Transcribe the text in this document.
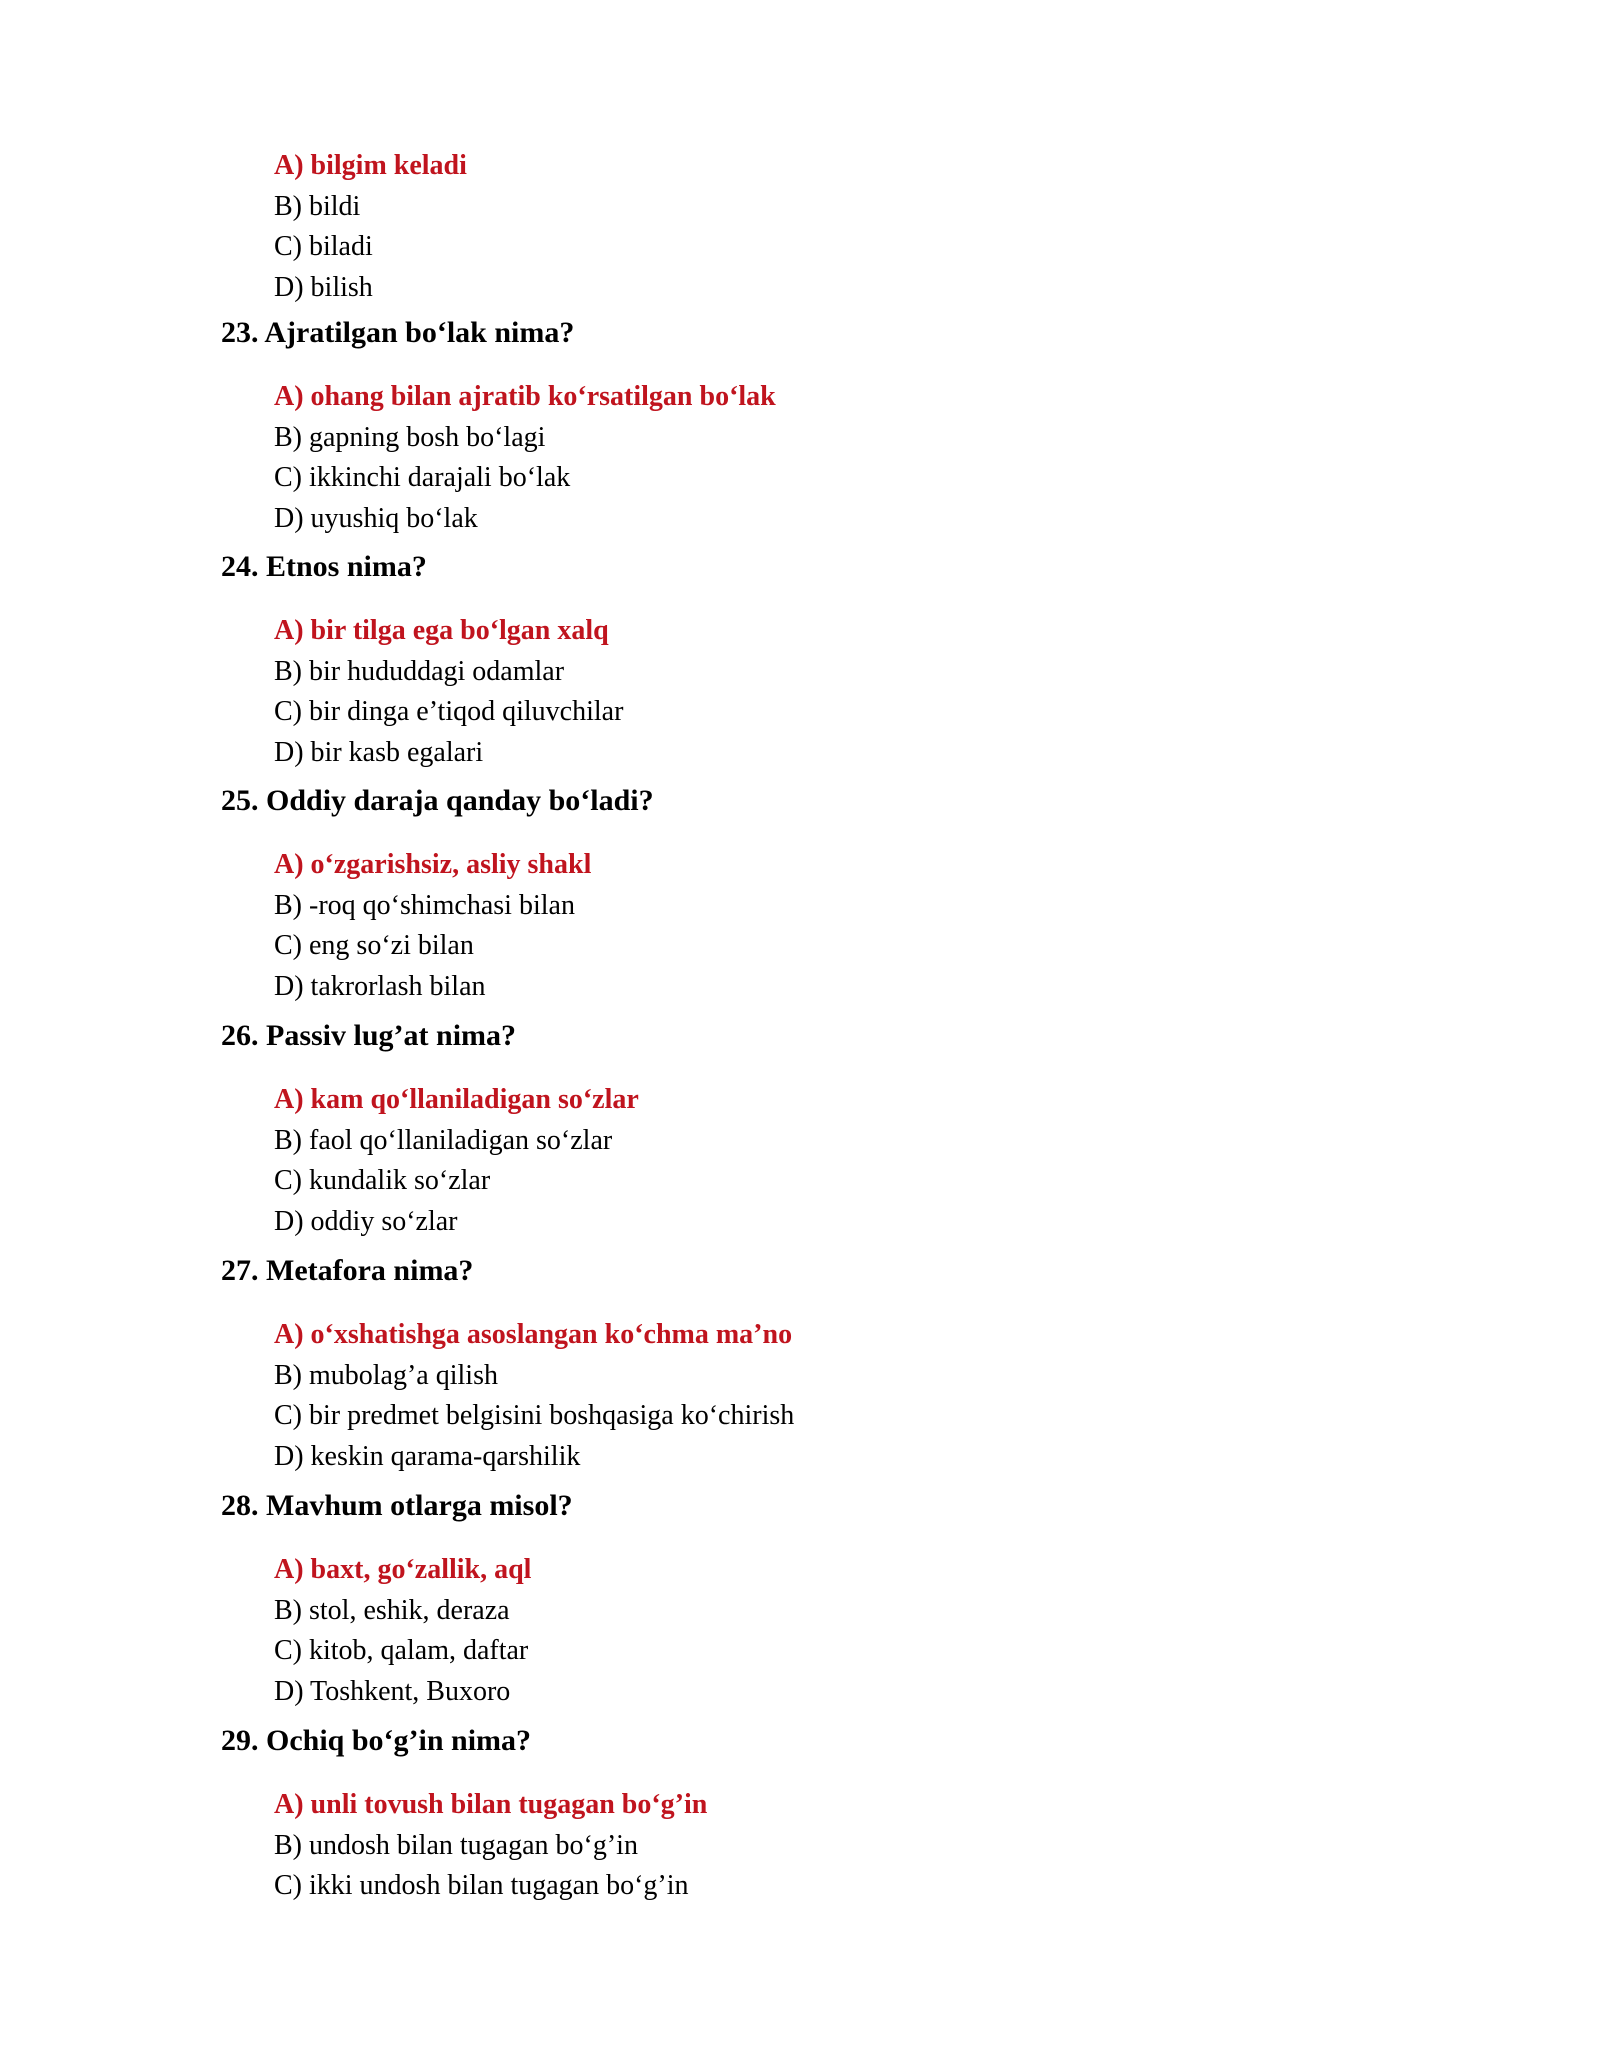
A) bilgim keladi
B) bildi
C) biladi
D) bilish

23. Ajratilgan bo‘lak nima?

A) ohang bilan ajratib ko‘rsatilgan bo‘lak
B) gapning bosh bo‘lagi
C) ikkinchi darajali bo‘lak
D) uyushiq bo‘lak

24. Etnos nima?

A) bir tilga ega bo‘lgan xalq
B) bir hududdagi odamlar
C) bir dinga e’tiqod qiluvchilar
D) bir kasb egalari

25. Oddiy daraja qanday bo‘ladi?

A) o‘zgarishsiz, asliy shakl
B) -roq qo‘shimchasi bilan
C) eng so‘zi bilan
D) takrorlash bilan

26. Passiv lug’at nima?

A) kam qo‘llaniladigan so‘zlar
B) faol qo‘llaniladigan so‘zlar
C) kundalik so‘zlar
D) oddiy so‘zlar

27. Metafora nima?

A) o‘xshatishga asoslangan ko‘chma ma’no
B) mubolag’a qilish
C) bir predmet belgisini boshqasiga ko‘chirish
D) keskin qarama-qarshilik

28. Mavhum otlarga misol?

A) baxt, go‘zallik, aql
B) stol, eshik, deraza
C) kitob, qalam, daftar
D) Toshkent, Buxoro

29. Ochiq bo‘g’in nima?

A) unli tovush bilan tugagan bo‘g’in
B) undosh bilan tugagan bo‘g’in
C) ikki undosh bilan tugagan bo‘g’in
